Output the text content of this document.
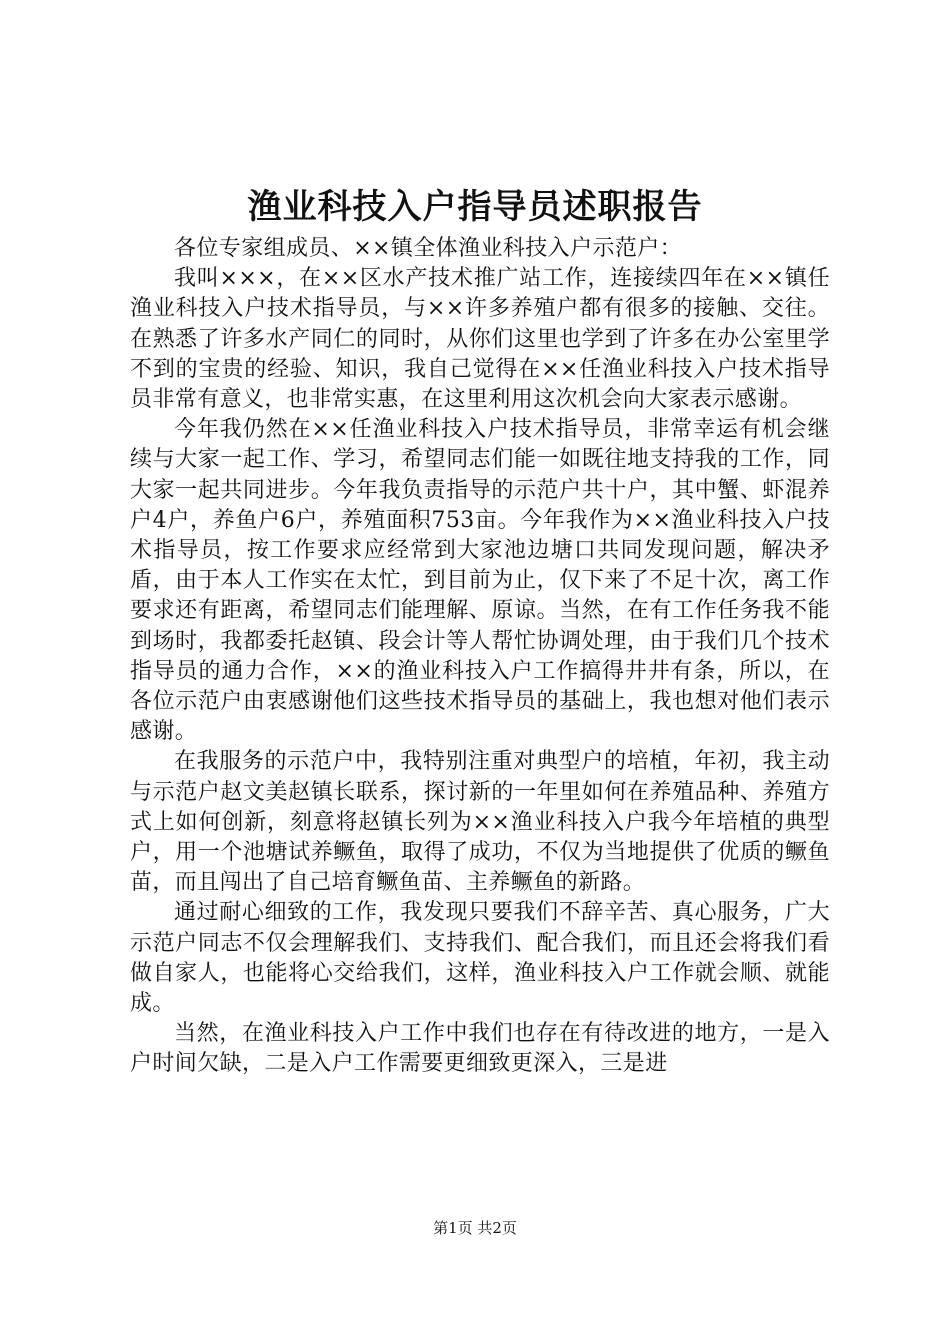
渔业科技入户指导员述职报告

各位专家组成员、××镇全体渔业科技入户示范户：

我叫×××，在××区水产技术推广站工作，连接续四年在××镇任渔业科技入户技术指导员，与××许多养殖户都有很多的接触、交往。在熟悉了许多水产同仁的同时，从你们这里也学到了许多在办公室里学不到的宝贵的经验、知识，我自己觉得在××任渔业科技入户技术指导员非常有意义，也非常实惠，在这里利用这次机会向大家表示感谢。

今年我仍然在××任渔业科技入户技术指导员，非常幸运有机会继续与大家一起工作、学习，希望同志们能一如既往地支持我的工作，同大家一起共同进步。今年我负责指导的示范户共十户，其中蟹、虾混养户4户，养鱼户6户，养殖面积753亩。今年我作为××渔业科技入户技术指导员，按工作要求应经常到大家池边塘口共同发现问题，解决矛盾，由于本人工作实在太忙，到目前为止，仅下来了不足十次，离工作要求还有距离，希望同志们能理解、原谅。当然，在有工作任务我不能到场时，我都委托赵镇、段会计等人帮忙协调处理，由于我们几个技术指导员的通力合作，××的渔业科技入户工作搞得井井有条，所以，在各位示范户由衷感谢他们这些技术指导员的基础上，我也想对他们表示感谢。

在我服务的示范户中，我特别注重对典型户的培植，年初，我主动与示范户赵文美赵镇长联系，探讨新的一年里如何在养殖品种、养殖方式上如何创新，刻意将赵镇长列为××渔业科技入户我今年培植的典型户，用一个池塘试养鳜鱼，取得了成功，不仅为当地提供了优质的鳜鱼苗，而且闯出了自己培育鳜鱼苗、主养鳜鱼的新路。

通过耐心细致的工作，我发现只要我们不辞辛苦、真心服务，广大示范户同志不仅会理解我们、支持我们、配合我们，而且还会将我们看做自家人，也能将心交给我们，这样，渔业科技入户工作就会顺、就能成。

当然，在渔业科技入户工作中我们也存在有待改进的地方，一是入户时间欠缺，二是入户工作需要更细致更深入，三是进

第1页 共2页
